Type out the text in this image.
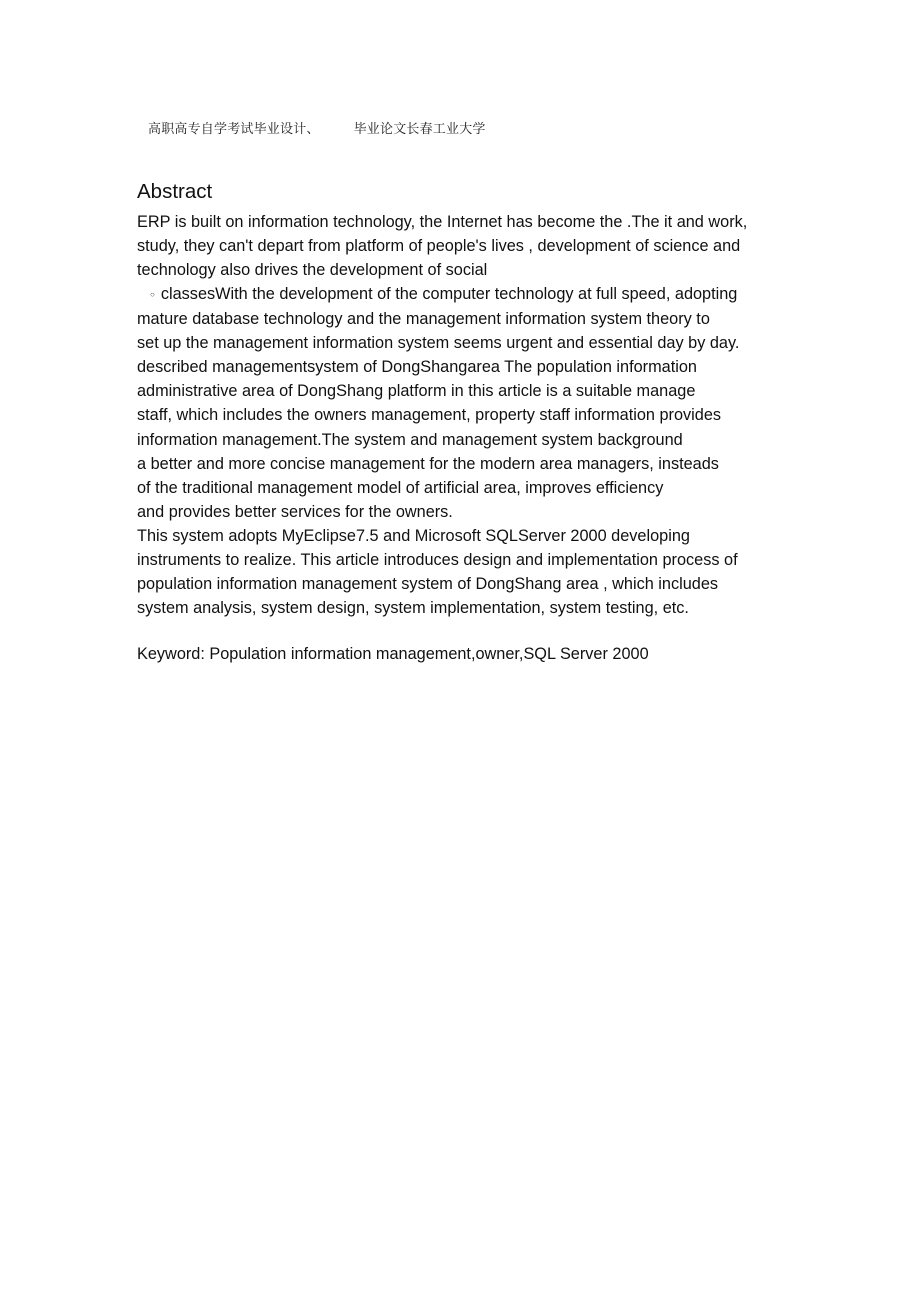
高职高专自学考试毕业设计、	毕业论文长春工业大学
Abstract
ERP is built on information technology, the Internet has become the .The it and work,
study, they can't depart from platform of people's lives , development of science and
technology also drives the development of social
○ classesWith the development of the computer technology at full speed, adopting
mature database technology and the management information system theory to
set up the management information system seems urgent and essential day by day.
described managementsystem of DongShangarea The population information
administrative area of DongShang platform in this article is a suitable manage
staff, which includes the owners management, property staff information provides
information management.The system and management system background
a better and more concise management for the modern area managers, insteads
of the traditional management model of artificial area, improves efficiency
and provides better services for the owners.
This system adopts MyEclipse7.5 and Microsoft SQLServer 2000 developing
instruments to realize. This article introduces design and implementation process of
population information management system of DongShang area , which includes
system analysis, system design, system implementation, system testing, etc.
Keyword: Population information management,owner,SQL Server 2000
